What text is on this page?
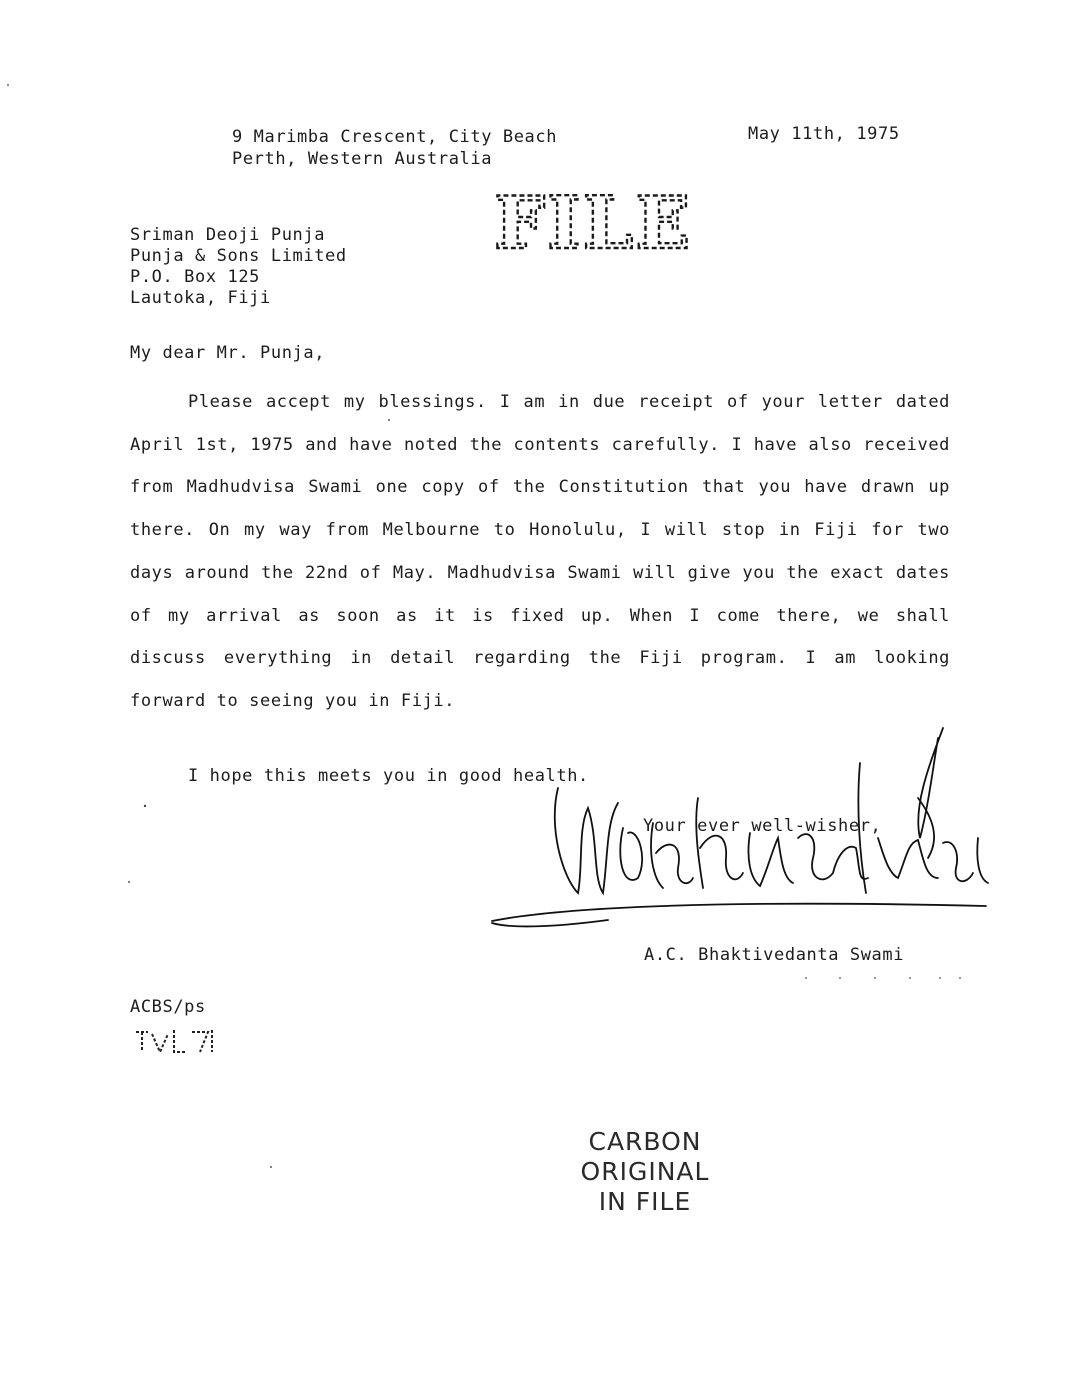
9 Marimba Crescent, City Beach
Perth, Western Australia
May 11th, 1975
FILE
Sriman Deoji Punja
Punja & Sons Limited
P.O. Box 125
Lautoka, Fiji
My dear Mr. Punja,

Please accept my blessings. I am in due receipt of your letter dated April 1st, 1975 and have noted the contents carefully. I have also received from Madhudvisa Swami one copy of the Constitution that you have drawn up there. On my way from Melbourne to Honolulu, I will stop in Fiji for two days around the 22nd of May. Madhudvisa Swami will give you the exact dates of my arrival as soon as it is fixed up. When I come there, we shall discuss everything in detail regarding the Fiji program. I am looking forward to seeing you in Fiji.

I hope this meets you in good health.
Your ever well-wisher,
A.C. Bhaktivedanta Swami
ACBS/ps
CARBON
ORIGINAL
IN FILE
